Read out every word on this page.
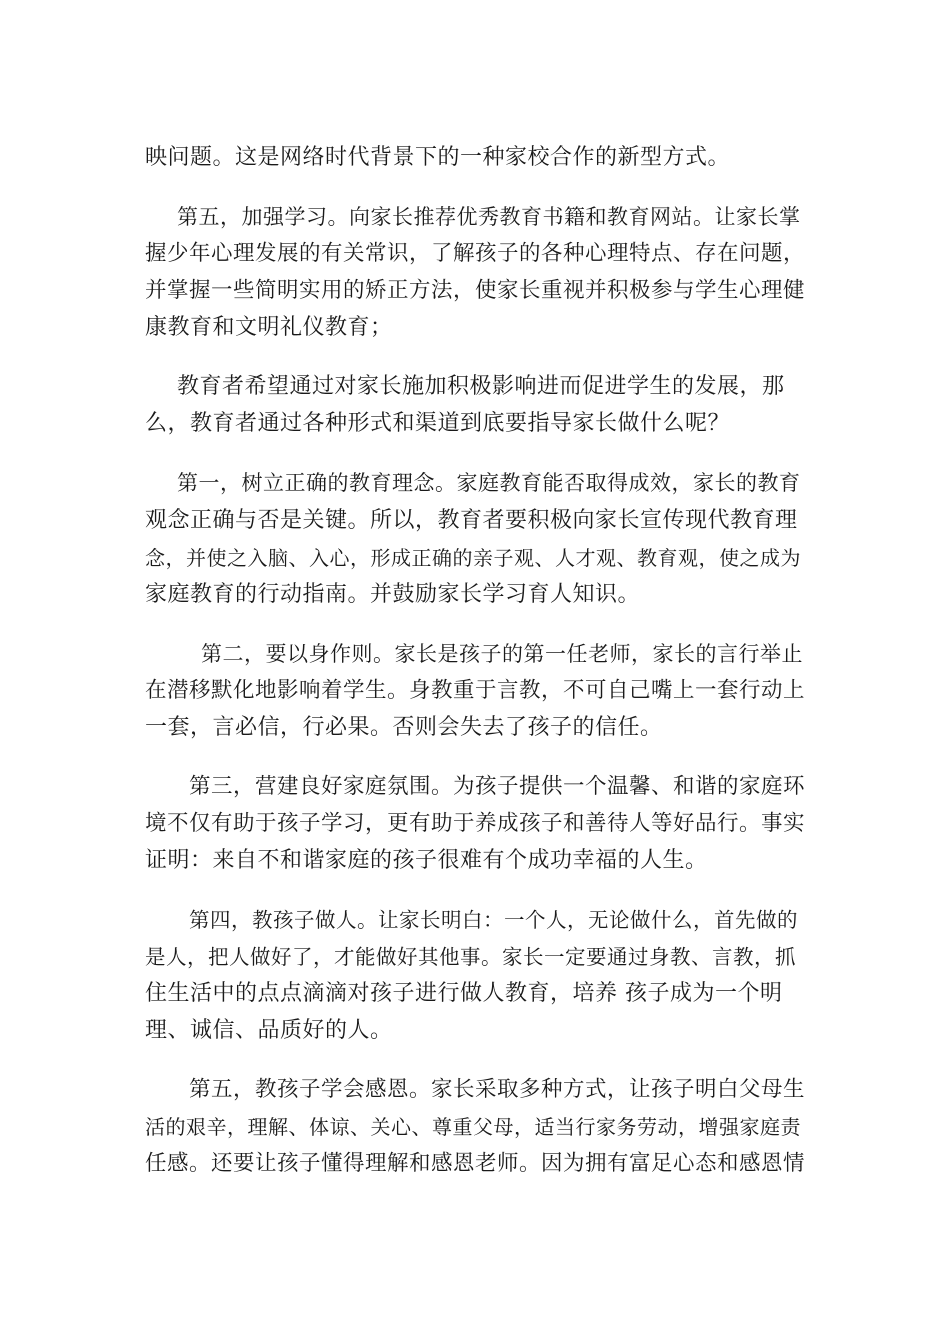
映问题。这是网络时代背景下的一种家校合作的新型方式。
第五，加强学习。向家长推荐优秀教育书籍和教育网站。让家长掌
握少年心理发展的有关常识，了解孩子的各种心理特点、存在问题，
并掌握一些简明实用的矫正方法，使家长重视并积极参与学生心理健
康教育和文明礼仪教育；
教育者希望通过对家长施加积极影响进而促进学生的发展，那
么，教育者通过各种形式和渠道到底要指导家长做什么呢？
第一，树立正确的教育理念。家庭教育能否取得成效，家长的教育
观念正确与否是关键。所以，教育者要积极向家长宣传现代教育理
念，并使之入脑、入心，形成正确的亲子观、人才观、教育观，使之成为
家庭教育的行动指南。并鼓励家长学习育人知识。
第二，要以身作则。家长是孩子的第一任老师，家长的言行举止
在潜移默化地影响着学生。身教重于言教，不可自己嘴上一套行动上
一套，言必信，行必果。否则会失去了孩子的信任。
第三，营建良好家庭氛围。为孩子提供一个温馨、和谐的家庭环
境不仅有助于孩子学习，更有助于养成孩子和善待人等好品行。事实
证明：来自不和谐家庭的孩子很难有个成功幸福的人生。
第四，教孩子做人。让家长明白：一个人，无论做什么，首先做的
是人，把人做好了，才能做好其他事。家长一定要通过身教、言教，抓
住生活中的点点滴滴对孩子进行做人教育，培养 孩子成为一个明
理、诚信、品质好的人。
第五，教孩子学会感恩。家长采取多种方式，让孩子明白父母生
活的艰辛，理解、体谅、关心、尊重父母，适当行家务劳动，增强家庭责
任感。还要让孩子懂得理解和感恩老师。因为拥有富足心态和感恩情
